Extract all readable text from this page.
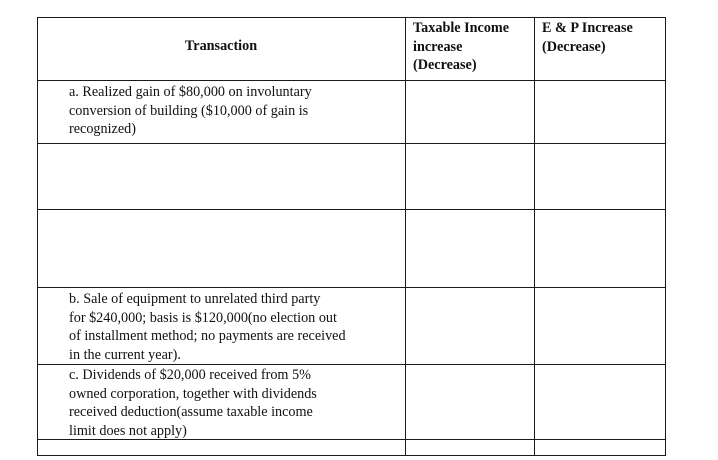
Transaction
Taxable Income
increase
(Decrease)
E & P Increase
(Decrease)
a. Realized gain of $80,000 on involuntary
conversion of building ($10,000 of gain is
recognized)
b. Sale of equipment to unrelated third party
for $240,000; basis is $120,000(no election out
of installment method; no payments are received
in the current year).
c. Dividends of $20,000 received from 5%
owned corporation, together with dividends
received deduction(assume taxable income
limit does not apply)
